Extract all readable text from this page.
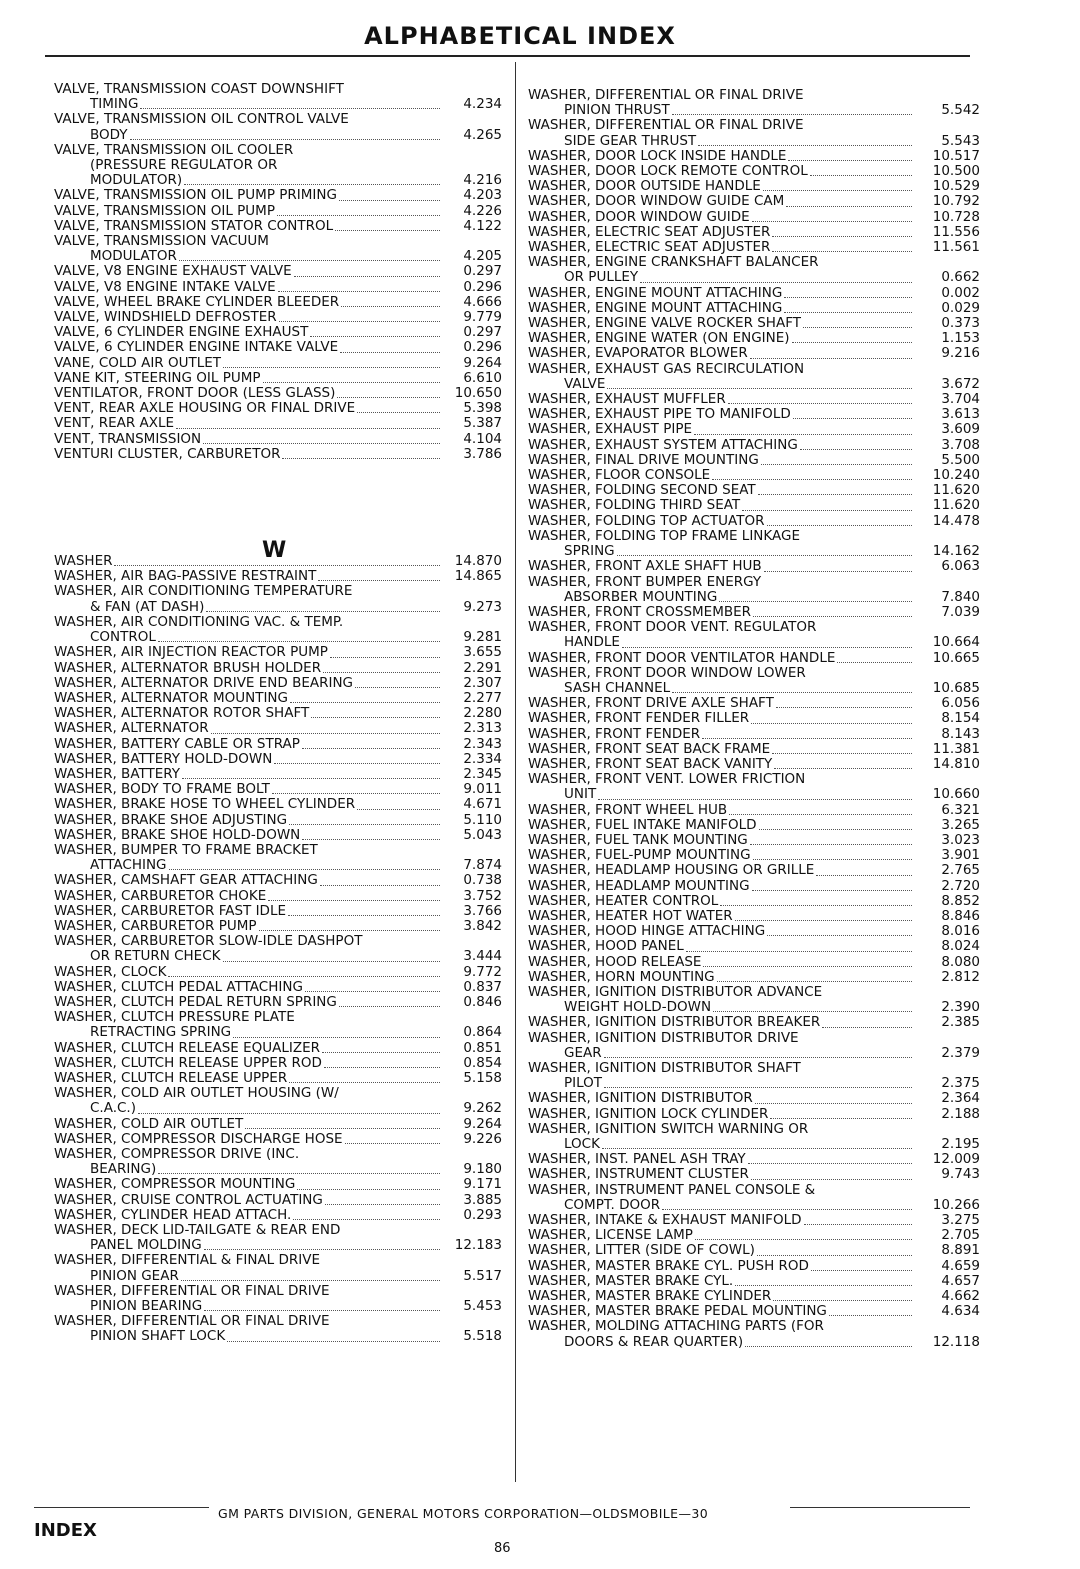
ALPHABETICAL INDEX
VALVE, TRANSMISSION COAST DOWNSHIFT
TIMING	4.234
VALVE, TRANSMISSION OIL CONTROL VALVE
BODY	4.265
VALVE, TRANSMISSION OIL COOLER
(PRESSURE REGULATOR OR
MODULATOR)	4.216
VALVE, TRANSMISSION OIL PUMP PRIMING	4.203
VALVE, TRANSMISSION OIL PUMP	4.226
VALVE, TRANSMISSION STATOR CONTROL	4.122
VALVE, TRANSMISSION VACUUM
MODULATOR	4.205
VALVE, V8 ENGINE EXHAUST VALVE	0.297
VALVE, V8 ENGINE INTAKE VALVE	0.296
VALVE, WHEEL BRAKE CYLINDER BLEEDER	4.666
VALVE, WINDSHIELD DEFROSTER	9.779
VALVE, 6 CYLINDER ENGINE EXHAUST	0.297
VALVE, 6 CYLINDER ENGINE INTAKE VALVE	0.296
VANE, COLD AIR OUTLET	9.264
VANE KIT, STEERING OIL PUMP	6.610
VENTILATOR, FRONT DOOR (LESS GLASS)	10.650
VENT, REAR AXLE HOUSING OR FINAL DRIVE	5.398
VENT, REAR AXLE	5.387
VENT, TRANSMISSION	4.104
VENTURI CLUSTER, CARBURETOR	3.786
WASHER	14.870
WASHER, AIR BAG-PASSIVE RESTRAINT	14.865
WASHER, AIR CONDITIONING TEMPERATURE
& FAN (AT DASH)	9.273
WASHER, AIR CONDITIONING VAC. & TEMP.
CONTROL	9.281
WASHER, AIR INJECTION REACTOR PUMP	3.655
WASHER, ALTERNATOR BRUSH HOLDER	2.291
WASHER, ALTERNATOR DRIVE END BEARING	2.307
WASHER, ALTERNATOR MOUNTING	2.277
WASHER, ALTERNATOR ROTOR SHAFT	2.280
WASHER, ALTERNATOR	2.313
WASHER, BATTERY CABLE OR STRAP	2.343
WASHER, BATTERY HOLD-DOWN	2.334
WASHER, BATTERY	2.345
WASHER, BODY TO FRAME BOLT	9.011
WASHER, BRAKE HOSE TO WHEEL CYLINDER	4.671
WASHER, BRAKE SHOE ADJUSTING	5.110
WASHER, BRAKE SHOE HOLD-DOWN	5.043
WASHER, BUMPER TO FRAME BRACKET
ATTACHING	7.874
WASHER, CAMSHAFT GEAR ATTACHING	0.738
WASHER, CARBURETOR CHOKE	3.752
WASHER, CARBURETOR FAST IDLE	3.766
WASHER, CARBURETOR PUMP	3.842
WASHER, CARBURETOR SLOW-IDLE DASHPOT
OR RETURN CHECK	3.444
WASHER, CLOCK	9.772
WASHER, CLUTCH PEDAL ATTACHING	0.837
WASHER, CLUTCH PEDAL RETURN SPRING	0.846
WASHER, CLUTCH PRESSURE PLATE
RETRACTING SPRING	0.864
WASHER, CLUTCH RELEASE EQUALIZER	0.851
WASHER, CLUTCH RELEASE UPPER ROD	0.854
WASHER, CLUTCH RELEASE UPPER	5.158
WASHER, COLD AIR OUTLET HOUSING (W/
C.A.C.)	9.262
WASHER, COLD AIR OUTLET	9.264
WASHER, COMPRESSOR DISCHARGE HOSE	9.226
WASHER, COMPRESSOR DRIVE (INC.
BEARING)	9.180
WASHER, COMPRESSOR MOUNTING	9.171
WASHER, CRUISE CONTROL ACTUATING	3.885
WASHER, CYLINDER HEAD ATTACH.	0.293
WASHER, DECK LID-TAILGATE & REAR END
PANEL MOLDING	12.183
WASHER, DIFFERENTIAL & FINAL DRIVE
PINION GEAR	5.517
WASHER, DIFFERENTIAL OR FINAL DRIVE
PINION BEARING	5.453
WASHER, DIFFERENTIAL OR FINAL DRIVE
PINION SHAFT LOCK	5.518
W
WASHER, DIFFERENTIAL OR FINAL DRIVE
PINION THRUST	5.542
WASHER, DIFFERENTIAL OR FINAL DRIVE
SIDE GEAR THRUST	5.543
WASHER, DOOR LOCK INSIDE HANDLE	10.517
WASHER, DOOR LOCK REMOTE CONTROL	10.500
WASHER, DOOR OUTSIDE HANDLE	10.529
WASHER, DOOR WINDOW GUIDE CAM	10.792
WASHER, DOOR WINDOW GUIDE	10.728
WASHER, ELECTRIC SEAT ADJUSTER	11.556
WASHER, ELECTRIC SEAT ADJUSTER	11.561
WASHER, ENGINE CRANKSHAFT BALANCER
OR PULLEY	0.662
WASHER, ENGINE MOUNT ATTACHING	0.002
WASHER, ENGINE MOUNT ATTACHING	0.029
WASHER, ENGINE VALVE ROCKER SHAFT	0.373
WASHER, ENGINE WATER (ON ENGINE)	1.153
WASHER, EVAPORATOR BLOWER	9.216
WASHER, EXHAUST GAS RECIRCULATION
VALVE	3.672
WASHER, EXHAUST MUFFLER	3.704
WASHER, EXHAUST PIPE TO MANIFOLD	3.613
WASHER, EXHAUST PIPE	3.609
WASHER, EXHAUST SYSTEM ATTACHING	3.708
WASHER, FINAL DRIVE MOUNTING	5.500
WASHER, FLOOR CONSOLE	10.240
WASHER, FOLDING SECOND SEAT	11.620
WASHER, FOLDING THIRD SEAT	11.620
WASHER, FOLDING TOP ACTUATOR	14.478
WASHER, FOLDING TOP FRAME LINKAGE
SPRING	14.162
WASHER, FRONT AXLE SHAFT HUB	6.063
WASHER, FRONT BUMPER ENERGY
ABSORBER MOUNTING	7.840
WASHER, FRONT CROSSMEMBER	7.039
WASHER, FRONT DOOR VENT. REGULATOR
HANDLE	10.664
WASHER, FRONT DOOR VENTILATOR HANDLE	10.665
WASHER, FRONT DOOR WINDOW LOWER
SASH CHANNEL	10.685
WASHER, FRONT DRIVE AXLE SHAFT	6.056
WASHER, FRONT FENDER FILLER	8.154
WASHER, FRONT FENDER	8.143
WASHER, FRONT SEAT BACK FRAME	11.381
WASHER, FRONT SEAT BACK VANITY	14.810
WASHER, FRONT VENT. LOWER FRICTION
UNIT	10.660
WASHER, FRONT WHEEL HUB	6.321
WASHER, FUEL INTAKE MANIFOLD	3.265
WASHER, FUEL TANK MOUNTING	3.023
WASHER, FUEL-PUMP MOUNTING	3.901
WASHER, HEADLAMP HOUSING OR GRILLE	2.765
WASHER, HEADLAMP MOUNTING	2.720
WASHER, HEATER CONTROL	8.852
WASHER, HEATER HOT WATER	8.846
WASHER, HOOD HINGE ATTACHING	8.016
WASHER, HOOD PANEL	8.024
WASHER, HOOD RELEASE	8.080
WASHER, HORN MOUNTING	2.812
WASHER, IGNITION DISTRIBUTOR ADVANCE
WEIGHT HOLD-DOWN	2.390
WASHER, IGNITION DISTRIBUTOR BREAKER	2.385
WASHER, IGNITION DISTRIBUTOR DRIVE
GEAR	2.379
WASHER, IGNITION DISTRIBUTOR SHAFT
PILOT	2.375
WASHER, IGNITION DISTRIBUTOR	2.364
WASHER, IGNITION LOCK CYLINDER	2.188
WASHER, IGNITION SWITCH WARNING OR
LOCK	2.195
WASHER, INST. PANEL ASH TRAY	12.009
WASHER, INSTRUMENT CLUSTER	9.743
WASHER, INSTRUMENT PANEL CONSOLE &
COMPT. DOOR	10.266
WASHER, INTAKE & EXHAUST MANIFOLD	3.275
WASHER, LICENSE LAMP	2.705
WASHER, LITTER (SIDE OF COWL)	8.891
WASHER, MASTER BRAKE CYL. PUSH ROD	4.659
WASHER, MASTER BRAKE CYL.	4.657
WASHER, MASTER BRAKE CYLINDER	4.662
WASHER, MASTER BRAKE PEDAL MOUNTING	4.634
WASHER, MOLDING ATTACHING PARTS (FOR
DOORS & REAR QUARTER)	12.118
GM PARTS DIVISION, GENERAL MOTORS CORPORATION—OLDSMOBILE—30
INDEX
86
